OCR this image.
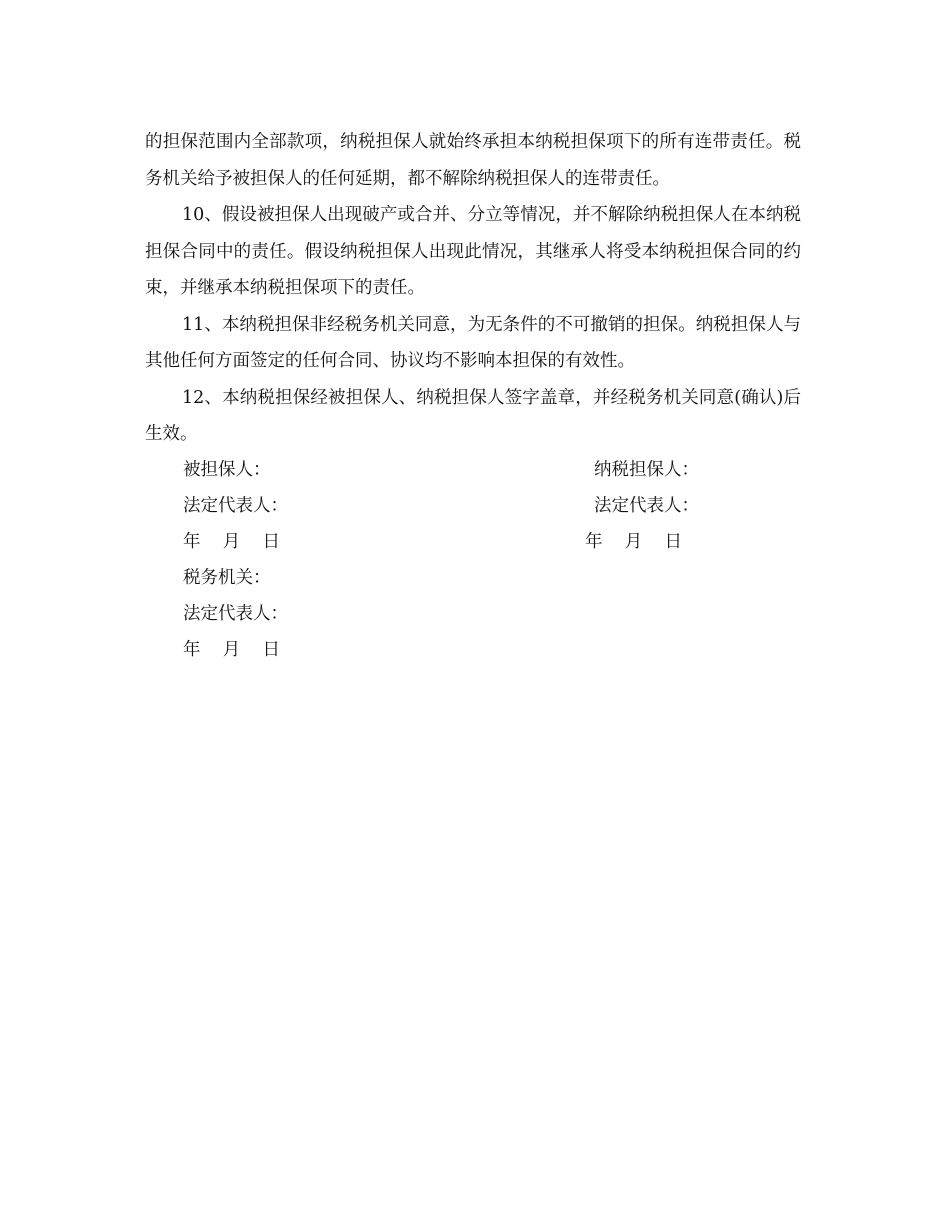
的担保范围内全部款项，纳税担保人就始终承担本纳税担保项下的所有连带责任。税务机关给予被担保人的任何延期，都不解除纳税担保人的连带责任。

10、假设被担保人出现破产或合并、分立等情况，并不解除纳税担保人在本纳税担保合同中的责任。假设纳税担保人出现此情况，其继承人将受本纳税担保合同的约束，并继承本纳税担保项下的责任。

11、本纳税担保非经税务机关同意，为无条件的不可撤销的担保。纳税担保人与其他任何方面签定的任何合同、协议均不影响本担保的有效性。

12、本纳税担保经被担保人、纳税担保人签字盖章，并经税务机关同意(确认)后生效。

被担保人：	纳税担保人：
法定代表人：	法定代表人：
年    月    日	年    月    日
税务机关：
法定代表人：
年    月    日
